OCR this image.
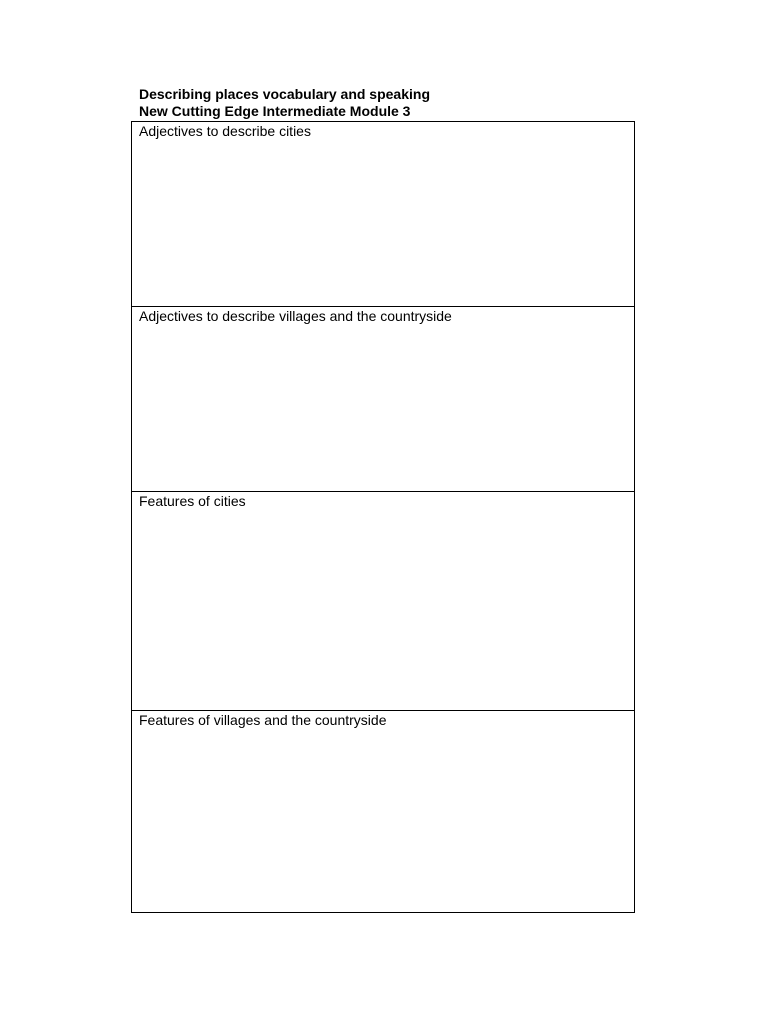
Describing places vocabulary and speaking
New Cutting Edge Intermediate Module 3
Adjectives to describe cities
Adjectives to describe villages and the countryside
Features of cities
Features of villages and the countryside
